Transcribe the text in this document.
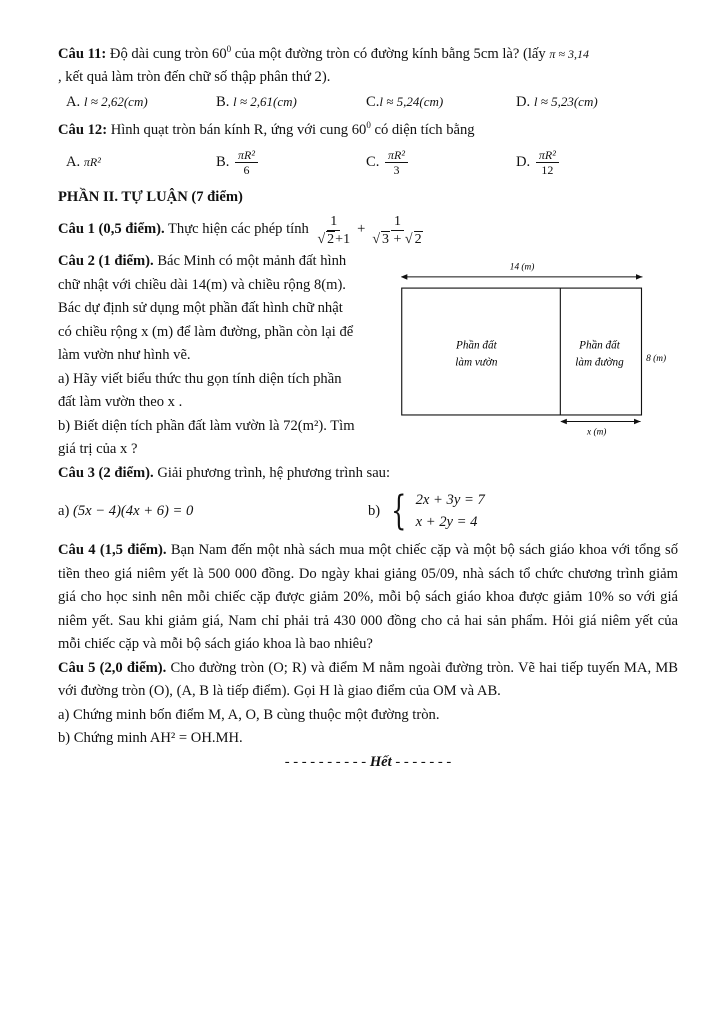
Câu 11: Độ dài cung tròn $60^0$ của một đường tròn có đường kính bằng 5cm là? (lấy π ≈ 3,14
, kết quả làm tròn đến chữ số thập phân thứ 2).
A. l ≈ 2,62(cm)	B. l ≈ 2,61(cm)	C.l ≈ 5,24(cm)	D. l ≈ 5,23(cm)
Câu 12: Hình quạt tròn bán kính R, ứng với cung $60^0$ có diện tích bằng
A. πR²	B. $\frac{\text{πR²}}{6}$	C. $\frac{\text{πR²}}{3}$	D. $\frac{\text{πR²}}{12}$
PHẦN II. TỰ LUẬN (7 điểm)
Câu 1 (0,5 điểm). Thực hiện các phép tính $\frac{1}{√ 2+1} + \frac{1}{√ 3 + √ 2}$
Câu 2 (1 điểm). Bác Minh có một mảnh đất hình
chữ nhật với chiều dài 14(m) và chiều rộng 8(m).
Bác dự định sử dụng một phần đất hình chữ nhật
có chiều rộng x (m) để làm đường, phần còn lại để
làm vườn như hình vẽ.
a) Hãy viết biểu thức thu gọn tính diện tích phần
đất làm vườn theo x .
b) Biết diện tích phần đất làm vườn là 72(m²). Tìm
giá trị của x ?
14 (m)
Phần đất
làm vườn
Phần đất
làm đường 8 (m)
x (m)
Câu 3 (2 điểm). Giải phương trình, hệ phương trình sau:
a) (5x − 4)(4x + 6) = 0	b) { 2x + 3y = 7
x + 2y = 4
Câu 4 (1,5 điểm). Bạn Nam đến một nhà sách mua một chiếc cặp và một bộ sách giáo khoa với tổng số tiền theo giá niêm yết là 500 000 đồng. Do ngày khai giảng 05/09, nhà sách tổ chức chương trình giảm giá cho học sinh nên mỗi chiếc cặp được giảm 20%, mỗi bộ sách giáo khoa được giảm 10% so với giá niêm yết. Sau khi giảm giá, Nam chỉ phải trả 430 000 đồng cho cả hai sản phẩm. Hỏi giá niêm yết của mỗi chiếc cặp và mỗi bộ sách giáo khoa là bao nhiêu?
Câu 5 (2,0 điểm). Cho đường tròn (O; R) và điểm M nằm ngoài đường tròn. Vẽ hai tiếp tuyến MA, MB với đường tròn (O), (A, B là tiếp điểm). Gọi H là giao điểm của OM và AB.
a) Chứng minh bốn điểm M, A, O, B cùng thuộc một đường tròn.
b) Chứng minh AH² = OH.MH.
- - - - - - - - - - Hết - - - - - - -
